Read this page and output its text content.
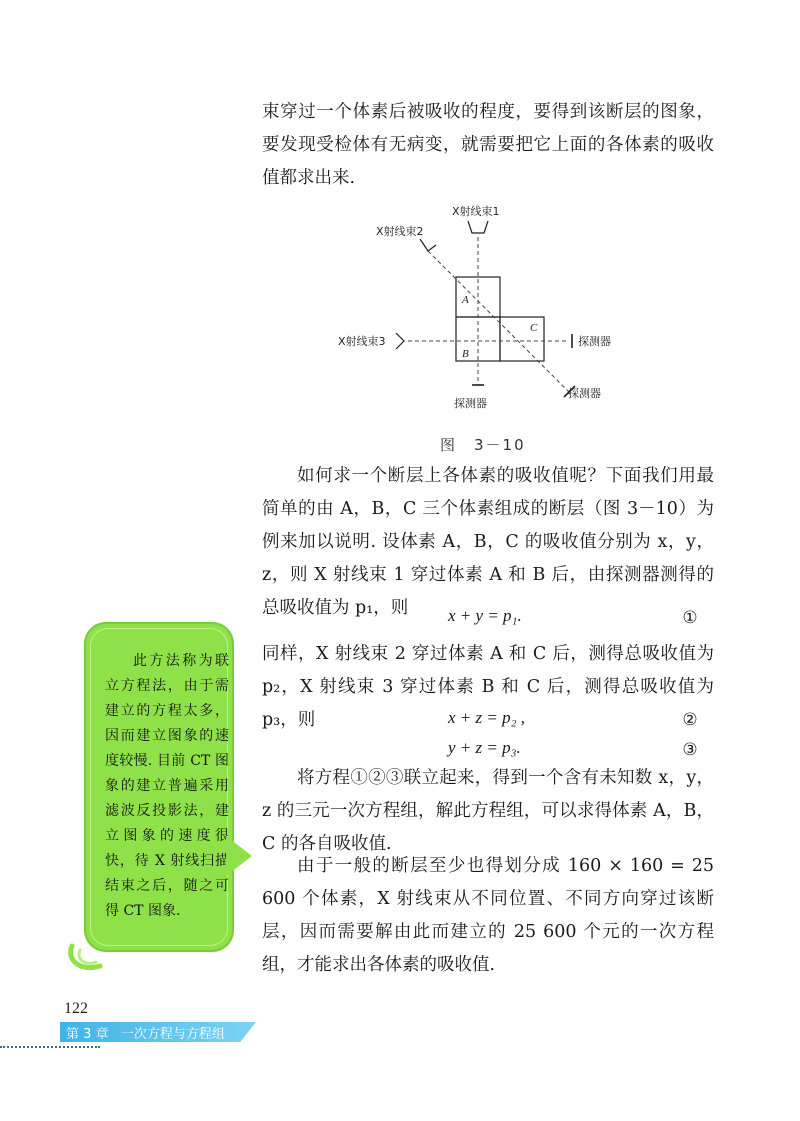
束穿过一个体素后被吸收的程度，要得到该断层的图象，要发现受检体有无病变，就需要把它上面的各体素的吸收值都求出来.

X射线束1
X射线束2
X射线束3	探测器
探测器
探测器
A
B
C
图　3－10

如何求一个断层上各体素的吸收值呢？下面我们用最简单的由 A，B，C 三个体素组成的断层（图 3－10）为例来加以说明. 设体素 A，B，C 的吸收值分别为 x，y，z，则 X 射线束 1 穿过体素 A 和 B 后，由探测器测得的总吸收值为 p₁，则	x + y = p₁.	①

同样，X 射线束 2 穿过体素 A 和 C 后，测得总吸收值为 p₂，X 射线束 3 穿过体素 B 和 C 后，测得总吸收值为 p₃，则	x + z = p₂ ,	②

y + z = p₃.	③

将方程①②③联立起来，得到一个含有未知数 x，y，z 的三元一次方程组，解此方程组，可以求得体素 A，B，C 的各自吸收值.

由于一般的断层至少也得划分成 160 × 160 = 25 600 个体素，X 射线束从不同位置、不同方向穿过该断层，因而需要解由此而建立的 25 600 个元的一次方程组，才能求出各体素的吸收值.

此方法称为联立方程法，由于需建立的方程太多，因而建立图象的速度较慢. 目前 CT 图象的建立普遍采用滤波反投影法，建立图象的速度很快，待 X 射线扫描结束之后，随之可得 CT 图象.

122
第 3 章   一次方程与方程组
